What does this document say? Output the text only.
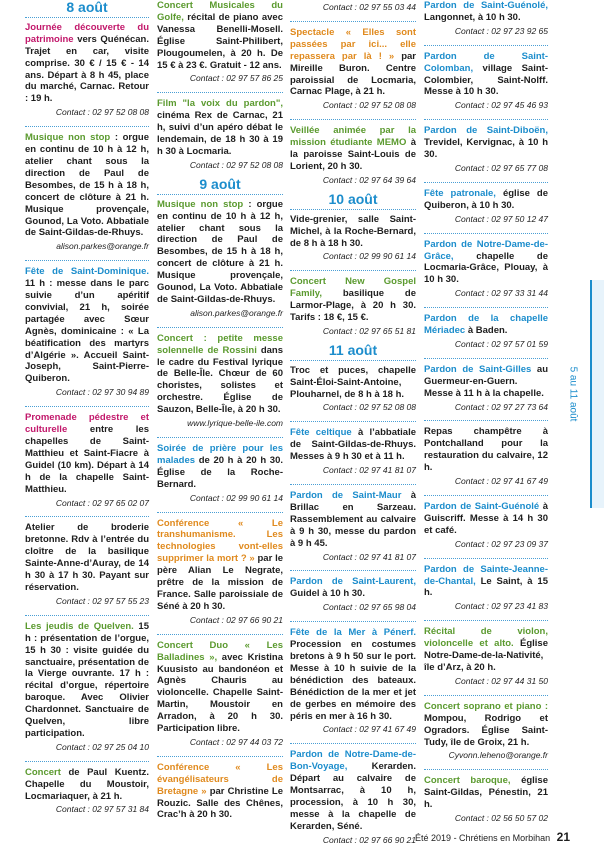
8 août
Journée découverte du patrimoine vers Quénécan. Trajet en car, visite comprise. 30 € / 15 € - 14 ans. Départ à 8 h 45, place du marché, Carnac. Retour : 19 h.
Contact : 02 97 52 08 08
Musique non stop : orgue en continu de 10 h à 12 h, atelier chant sous la direction de Paul de Besombes, de 15 h à 18 h, concert de clôture à 21 h. Musique provençale, Gounod, La Voto. Abbatiale de Saint-Gildas-de-Rhuys.
alison.parkes@orange.fr
Fête de Saint-Dominique. 11 h : messe dans le parc suivie d’un apéritif convivial, 21 h, soirée partagée avec Sœur Agnès, dominicaine : « La béatification des martyrs d’Algérie ». Accueil Saint-Joseph, Saint-Pierre-Quiberon.
Contact : 02 97 30 94 89
Promenade pédestre et culturelle entre les chapelles de Saint-Matthieu et Saint-Fiacre à Guidel (10 km). Départ à 14 h de la chapelle Saint-Matthieu.
Contact : 02 97 65 02 07
Atelier de broderie bretonne. Rdv à l’entrée du cloître de la basilique Sainte-Anne-d’Auray, de 14 h 30 à 17 h 30. Payant sur réservation.
Contact : 02 97 57 55 23
Les jeudis de Quelven. 15 h : présentation de l’orgue, 15 h 30 : visite guidée du sanctuaire, présentation de la Vierge ouvrante. 17 h : récital d’orgue, répertoire baroque. Avec Olivier Chardonnet. Sanctuaire de Quelven, libre participation.
Contact : 02 97 25 04 10
Concert de Paul Kuentz. Chapelle du Moustoir, Locmariaquer, à 21 h.
Contact : 02 97 57 31 84
Concert Musicales du Golfe, récital de piano avec Vanessa Benelli-Mosell. Église Saint-Philibert, Plougoumelen, à 20 h. De 15 € à 23 €. Gratuit - 12 ans.
Contact : 02 97 57 86 25
Film "la voix du pardon", cinéma Rex de Carnac, 21 h, suivi d’un apéro débat le lendemain, de 18 h 30 à 19 h 30 à Locmaria.
Contact : 02 97 52 08 08
9 août
Musique non stop : orgue en continu de 10 h à 12 h, atelier chant sous la direction de Paul de Besombes, de 15 h à 18 h, concert de clôture à 21 h. Musique provençale, Gounod, La Voto. Abbatiale de Saint-Gildas-de-Rhuys.
alison.parkes@orange.fr
Concert : petite messe solennelle de Rossini dans le cadre du Festival lyrique de Belle-Île. Chœur de 60 choristes, solistes et orchestre. Église de Sauzon, Belle-Île, à 20 h 30.
www.lyrique-belle-ile.com
Soirée de prière pour les malades de 20 h à 20 h 30. Église de la Roche-Bernard.
Contact : 02 99 90 61 14
Conférence « Le transhumanisme. Les technologies vont-elles supprimer la mort ? » par le père Alian Le Negrate, prêtre de la mission de France. Salle paroissiale de Séné à 20 h 30.
Contact : 02 97 66 90 21
Concert Duo « Les Balladines », avec Kristina Kuusisto au bandonéon et Agnès Chauris au violoncelle. Chapelle Saint-Martin, Moustoir en Arradon, à 20 h 30. Participation libre.
Contact : 02 97 44 03 72
Conférence « Les évangélisateurs de Bretagne » par Christine Le Rouzic. Salle des Chênes, Crac’h à 20 h 30.
Contact : 02 97 55 03 44
Spectacle « Elles sont passées par ici... elle repassera par là ! » par Mireille Buron. Centre paroissial de Locmaria, Carnac Plage, à 21 h.
Contact : 02 97 52 08 08
Veillée animée par la mission étudiante MEMO à la paroisse Saint-Louis de Lorient, 20 h 30.
Contact : 02 97 64 39 64
10 août
Vide-grenier, salle Saint-Michel, à la Roche-Bernard, de 8 h à 18 h 30.
Contact : 02 99 90 61 14
Concert New Gospel Family, basilique de Larmor-Plage, à 20 h 30. Tarifs : 18 €, 15 €.
Contact : 02 97 65 51 81
11 août
Troc et puces, chapelle Saint-Éloi-Saint-Antoine, Plouharnel, de 8 h à 18 h.
Contact : 02 97 52 08 08
Fête celtique à l’abbatiale de Saint-Gildas-de-Rhuys. Messes à 9 h 30 et à 11 h.
Contact : 02 97 41 81 07
Pardon de Saint-Maur à Brillac en Sarzeau. Rassemblement au calvaire à 9 h 30, messe du pardon à 9 h 45.
Contact : 02 97 41 81 07
Pardon de Saint-Laurent, Guidel à 10 h 30.
Contact : 02 97 65 98 04
Fête de la Mer à Pénerf. Procession en costumes bretons à 9 h 50 sur le port. Messe à 10 h suivie de la bénédiction des bateaux. Bénédiction de la mer et jet de gerbes en mémoire des péris en mer à 16 h 30.
Contact : 02 97 41 67 49
Pardon de Notre-Dame-de-Bon-Voyage, Kerarden. Départ au calvaire de Montsarrac, à 10 h, procession, à 10 h 30, messe à la chapelle de Kerarden, Séné.
Contact : 02 97 66 90 21
Pardon de Saint-Guénolé, Langonnet, à 10 h 30.
Contact : 02 97 23 92 65
Pardon de Saint-Colomban, village Saint-Colombier, Saint-Nolff. Messe à 10 h 30.
Contact : 02 97 45 46 93
Pardon de Saint-Diboën, Trevidel, Kervignac, à 10 h 30.
Contact : 02 97 65 77 08
Fête patronale, église de Quiberon, à 10 h 30.
Contact : 02 97 50 12 47
Pardon de Notre-Dame-de-Grâce, chapelle de Locmaria-Grâce, Plouay, à 10 h 30.
Contact : 02 97 33 31 44
Pardon de la chapelle Mériadec à Baden.
Contact : 02 97 57 01 59
Pardon de Saint-Gilles au Guermeur-en-Guern. Messe à 11 h à la chapelle.
Contact : 02 97 27 73 64
Repas champêtre à Pontchalland pour la restauration du calvaire, 12 h.
Contact : 02 97 41 67 49
Pardon de Saint-Guénolé à Guiscriff. Messe à 14 h 30 et café.
Contact : 02 97 23 09 37
Pardon de Sainte-Jeanne-de-Chantal, Le Saint, à 15 h.
Contact : 02 97 23 41 83
Récital de violon, violoncelle et alto. Église Notre-Dame-de-la-Nativité, île d’Arz, à 20 h.
Contact : 02 97 44 31 50
Concert soprano et piano : Mompou, Rodrigo et Ogradors. Église Saint-Tudy, île de Groix, 21 h.
Cyvonn.leheno@orange.fr
Concert baroque, église Saint-Gildas, Pénestin, 21 h.
Contact : 02 56 50 57 02
5 au 11 août
Été 2019 - Chrétiens en Morbihan 21
